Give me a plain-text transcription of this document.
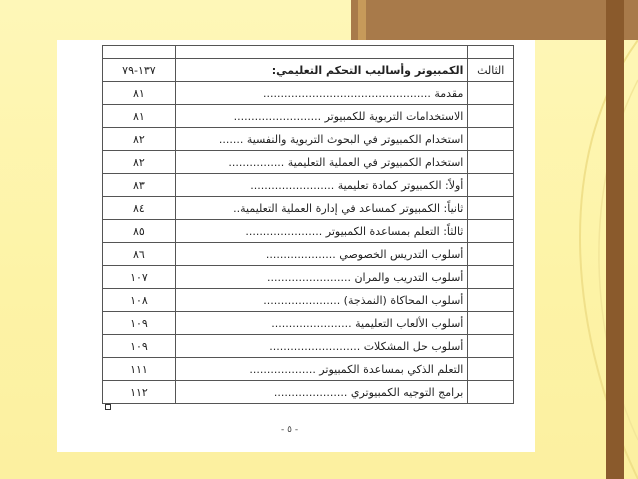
الثالث	الكمبيوتر وأساليب التحكم التعليمي:	١٣٧-٧٩
	مقدمة ................................................	٨١
	الاستخدامات التربوية للكمبيوتر .........................	٨١
	استخدام الكمبيوتر في البحوث التربوية والنفسية .......	٨٢
	استخدام الكمبيوتر في العملية التعليمية ................	٨٢
	أولاً: الكمبيوتر كمادة تعليمية ........................	٨٣
	ثانياً: الكمبيوتر كمساعد في إدارة العملية التعليمية..	٨٤
	ثالثاً: التعلم بمساعدة الكمبيوتر ......................	٨٥
	أسلوب التدريس الخصوصي ....................	٨٦
	أسلوب التدريب والمران ........................	١٠٧
	أسلوب المحاكاة (النمذجة) ......................	١٠٨
	أسلوب الألعاب التعليمية .......................	١٠٩
	أسلوب حل المشكلات ..........................	١٠٩
	التعلم الذكي بمساعدة الكمبيوتر ...................	١١١
	برامج التوجيه الكمبيوتري .....................	١١٢
- ٥ -
